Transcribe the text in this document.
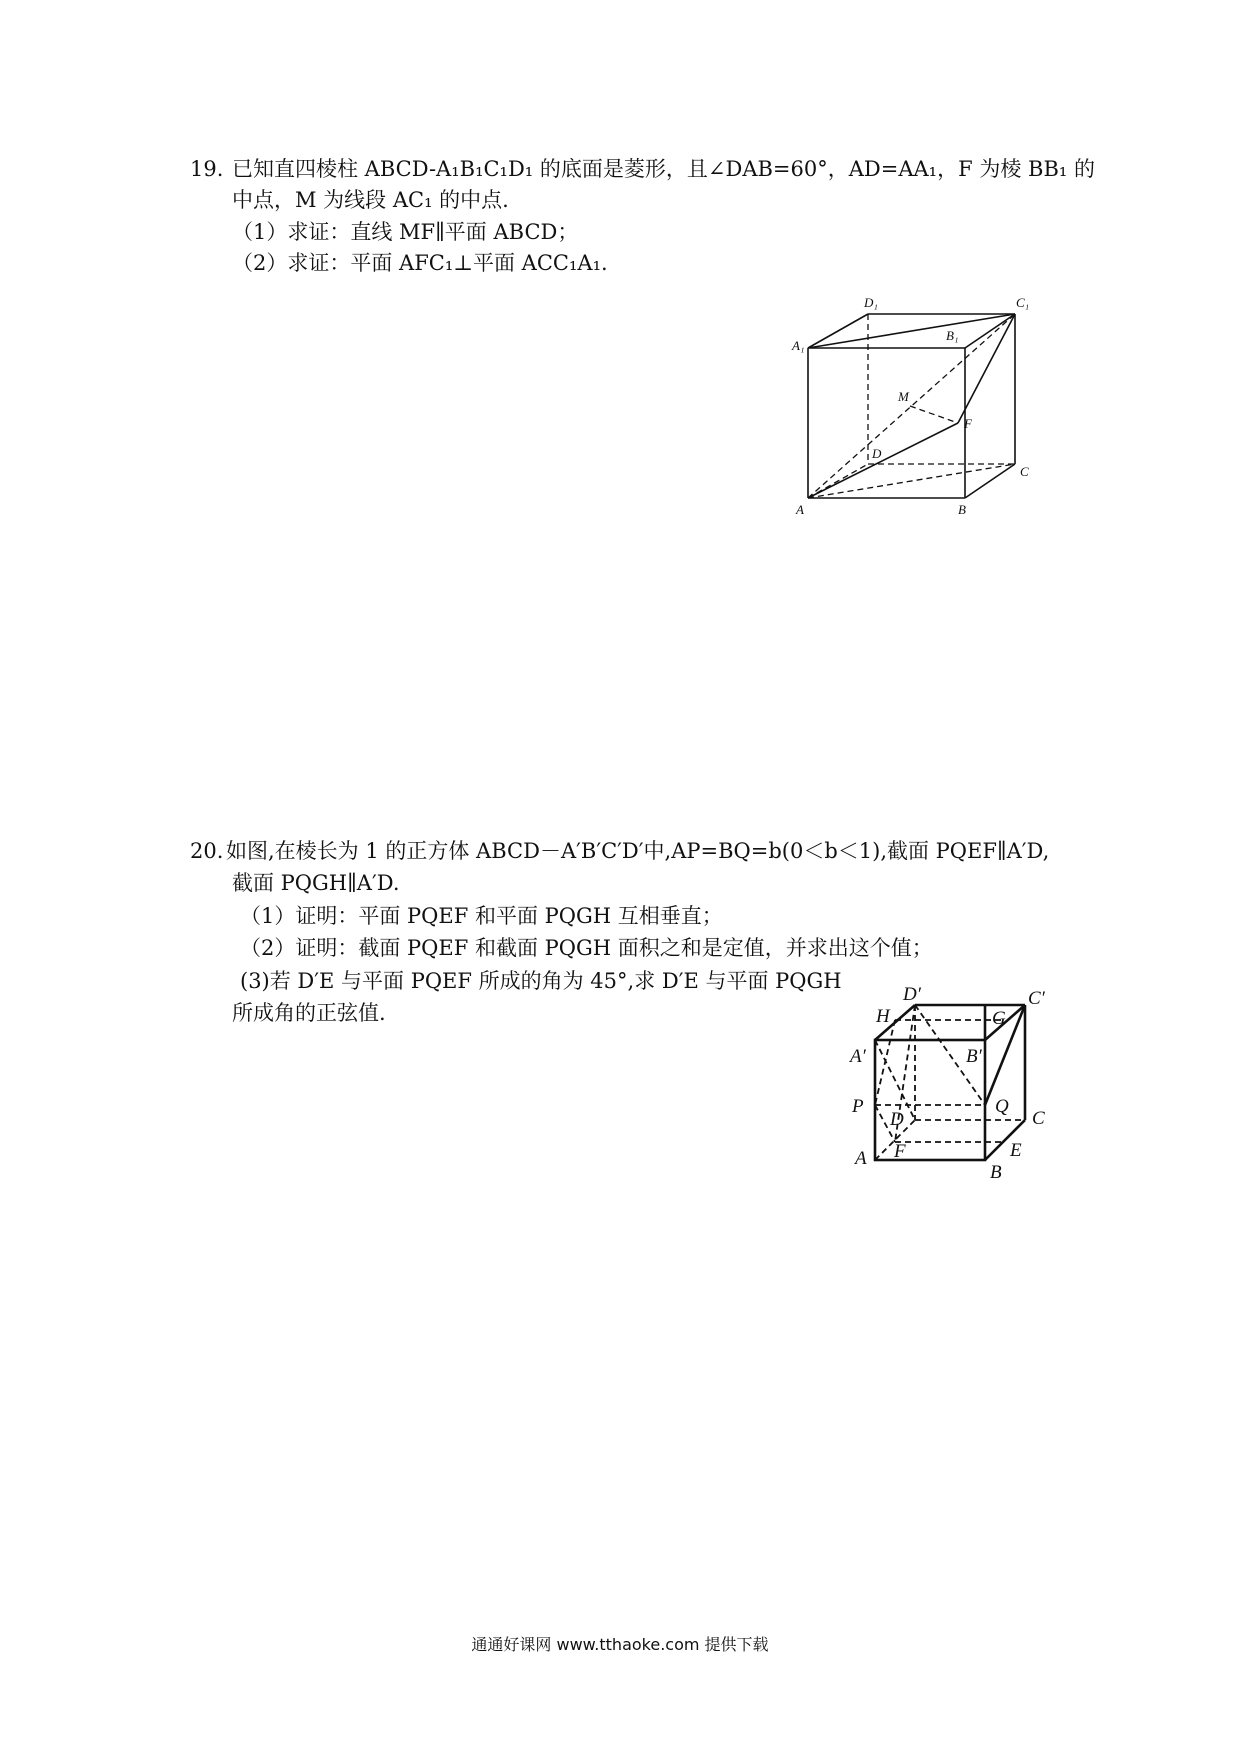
19. 已知直四棱柱 ABCD-A₁B₁C₁D₁ 的底面是菱形，且∠DAB=60°，AD=AA₁，F 为棱 BB₁ 的
中点，M 为线段 AC₁ 的中点.
（1）求证：直线 MF∥平面 ABCD；
（2）求证：平面 AFC₁⊥平面 ACC₁A₁.
A₁
D₁	C₁
B₁
M
F
D
C
A	B
20. 如图,在棱长为 1 的正方体 ABCD－A′B′C′D′中,AP=BQ=b(0＜b＜1),截面 PQEF∥A′D,
截面 PQGH∥A′D.
（1）证明：平面 PQEF 和平面 PQGH 互相垂直；
（2）证明：截面 PQEF 和截面 PQGH 面积之和是定值，并求出这个值；
(3)若 D′E 与平面 PQEF 所成的角为 45°,求 D′E 与平面 PQGH
所成角的正弦值.
D′	C′
H	G
A′	B′
P	Q
C
D
F	E
A
B
通通好课网 www.tthaoke.com 提供下载
